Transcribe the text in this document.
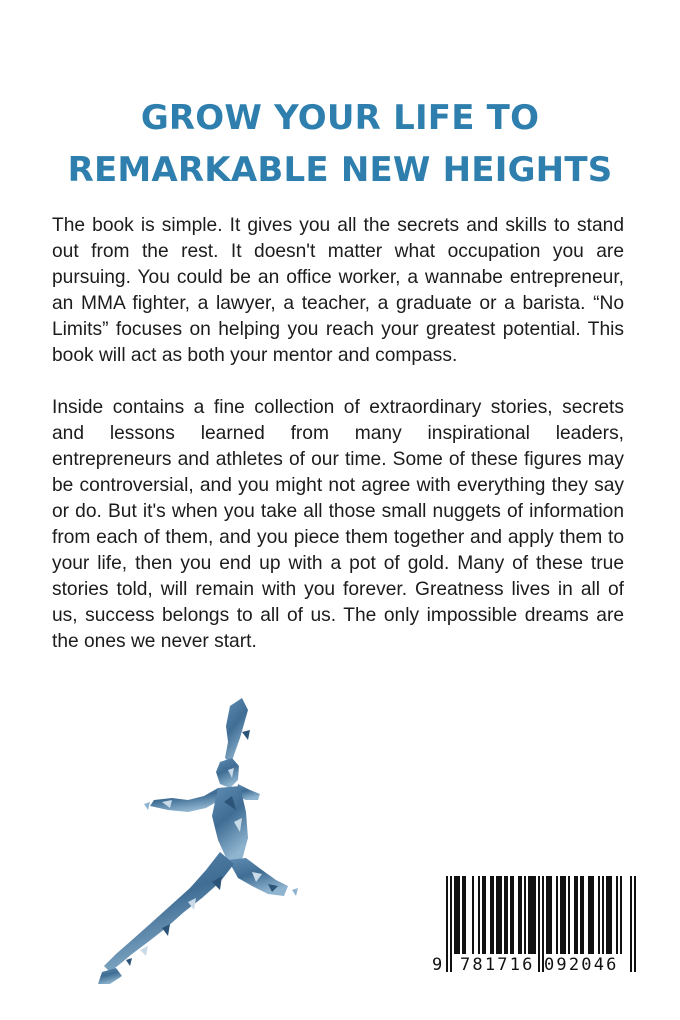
GROW YOUR LIFE TO
REMARKABLE NEW HEIGHTS

The book is simple. It gives you all the secrets and skills to stand out from the rest. It doesn't matter what occupation you are pursuing. You could be an office worker, a wannabe entrepreneur, an MMA fighter, a lawyer, a teacher, a graduate or a barista. “No Limits” focuses on helping you reach your greatest potential. This book will act as both your mentor and compass.

Inside contains a fine collection of extraordinary stories, secrets and lessons learned from many inspirational leaders, entrepreneurs and athletes of our time. Some of these figures may be controversial, and you might not agree with everything they say or do. But it's when you take all those small nuggets of information from each of them, and you piece them together and apply them to your life, then you end up with a pot of gold. Many of these true stories told, will remain with you forever. Greatness lives in all of us, success belongs to all of us. The only impossible dreams are the ones we never start.

9 781716 092046
